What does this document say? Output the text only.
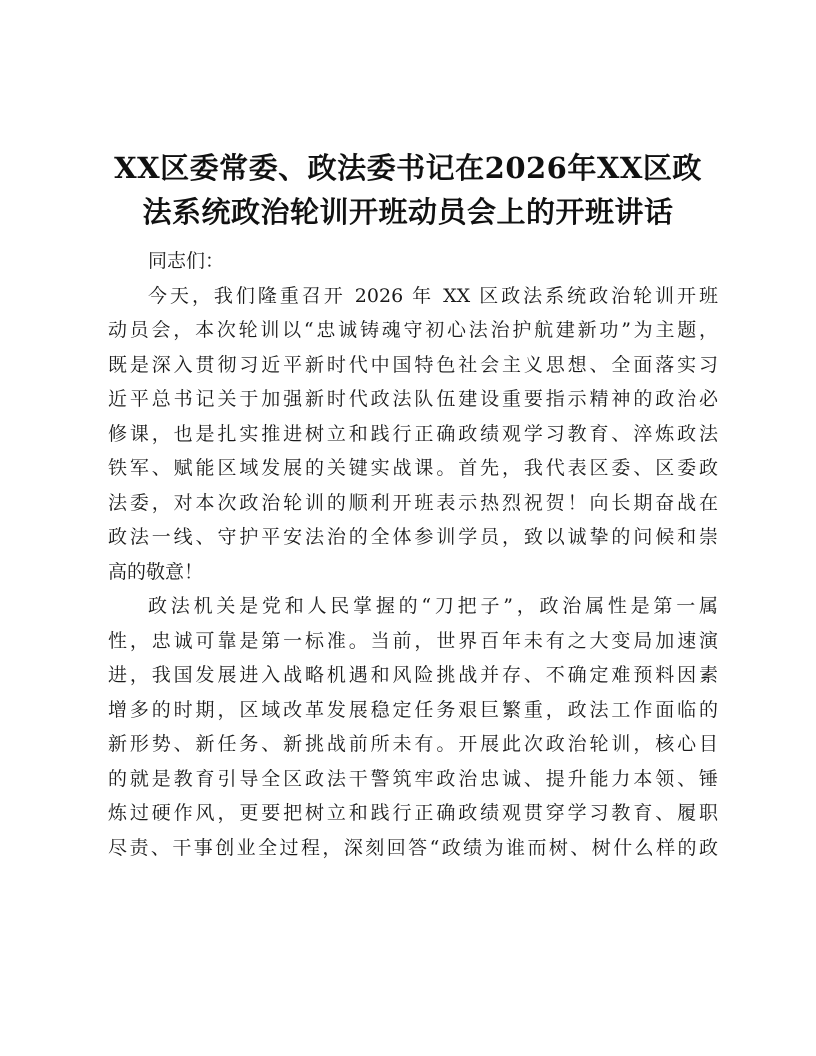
XX区委常委、政法委书记在2026年XX区政
法系统政治轮训开班动员会上的开班讲话
同志们：
今天，我们隆重召开 2026 年 XX 区政法系统政治轮训开班
动员会，本次轮训以“忠诚铸魂守初心法治护航建新功”为主题，
既是深入贯彻习近平新时代中国特色社会主义思想、全面落实习
近平总书记关于加强新时代政法队伍建设重要指示精神的政治必
修课，也是扎实推进树立和践行正确政绩观学习教育、淬炼政法
铁军、赋能区域发展的关键实战课。首先，我代表区委、区委政
法委，对本次政治轮训的顺利开班表示热烈祝贺！向长期奋战在
政法一线、守护平安法治的全体参训学员，致以诚挚的问候和崇
高的敬意！
政法机关是党和人民掌握的“刀把子”，政治属性是第一属
性，忠诚可靠是第一标准。当前，世界百年未有之大变局加速演
进，我国发展进入战略机遇和风险挑战并存、不确定难预料因素
增多的时期，区域改革发展稳定任务艰巨繁重，政法工作面临的
新形势、新任务、新挑战前所未有。开展此次政治轮训，核心目
的就是教育引导全区政法干警筑牢政治忠诚、提升能力本领、锤
炼过硬作风，更要把树立和践行正确政绩观贯穿学习教育、履职
尽责、干事创业全过程，深刻回答“政绩为谁而树、树什么样的政
